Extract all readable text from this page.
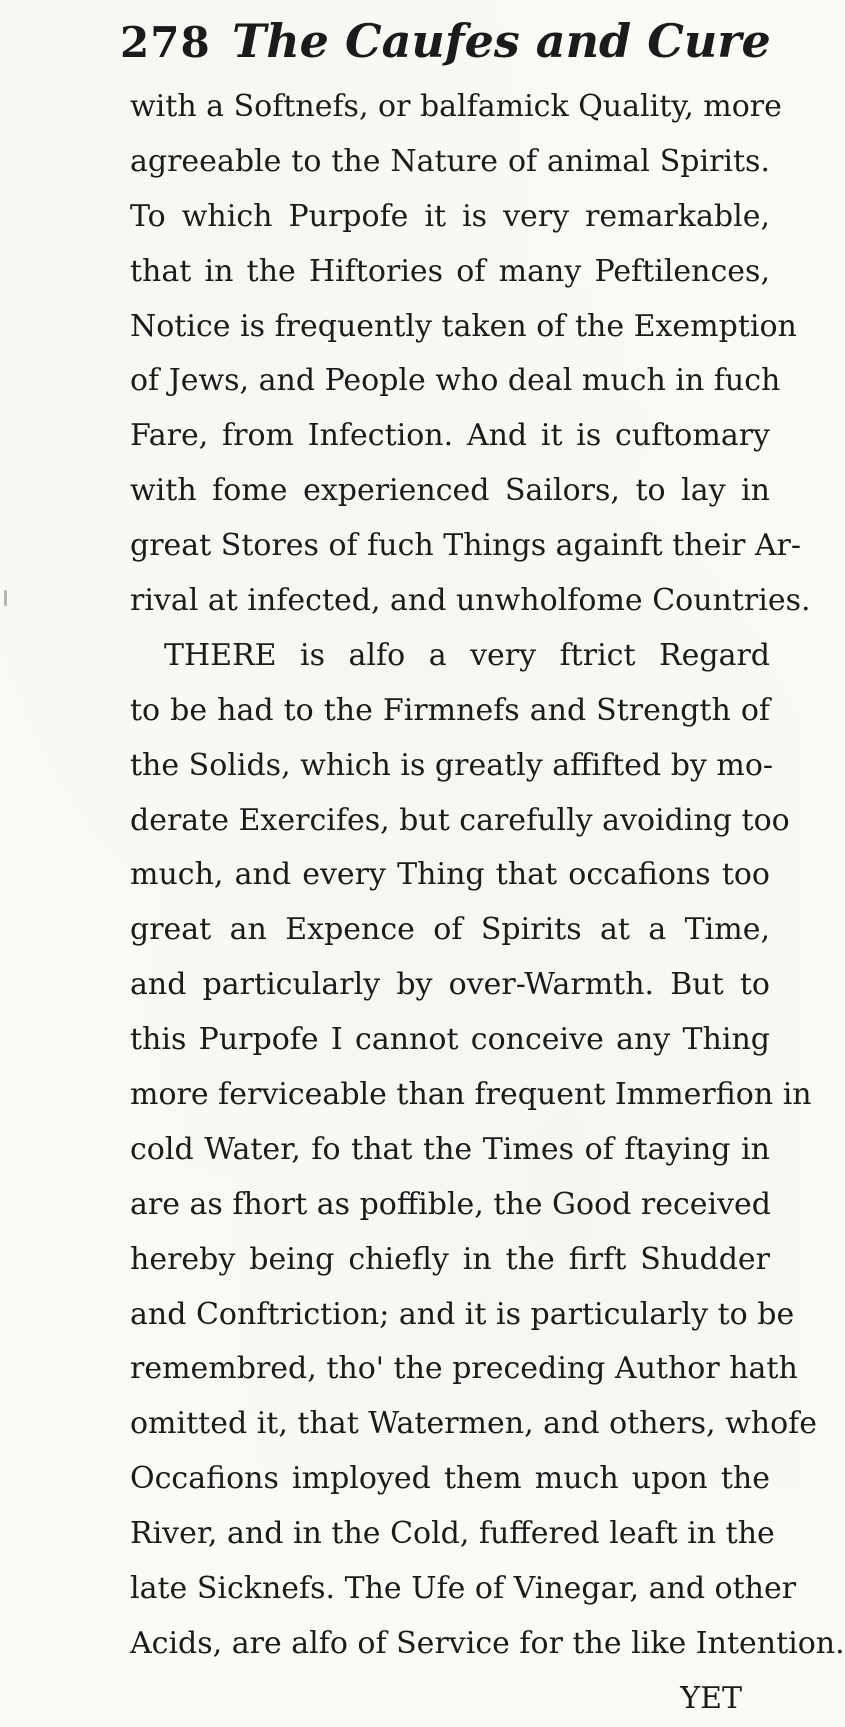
278 The Caufes and Cure
with a Softnefs, or balfamick Quality, more
agreeable to the Nature of animal Spirits.
To which Purpofe it is very remarkable,
that in the Hiftories of many Peftilences,
Notice is frequently taken of the Exemption
of Jews, and People who deal much in fuch
Fare, from Infection. And it is cuftomary
with fome experienced Sailors, to lay in
great Stores of fuch Things againft their Ar-
rival at infected, and unwholfome Countries.
THERE is alfo a very ftrict Regard
to be had to the Firmnefs and Strength of
the Solids, which is greatly affifted by mo-
derate Exercifes, but carefully avoiding too
much, and every Thing that occafions too
great an Expence of Spirits at a Time,
and particularly by over-Warmth. But to
this Purpofe I cannot conceive any Thing
more ferviceable than frequent Immerfion in
cold Water, fo that the Times of ftaying in
are as fhort as poffible, the Good received
hereby being chiefly in the firft Shudder
and Conftriction; and it is particularly to be
remembred, tho' the preceding Author hath
omitted it, that Watermen, and others, whofe
Occafions imployed them much upon the
River, and in the Cold, fuffered leaft in the
late Sicknefs. The Ufe of Vinegar, and other
Acids, are alfo of Service for the like Intention.
YET
